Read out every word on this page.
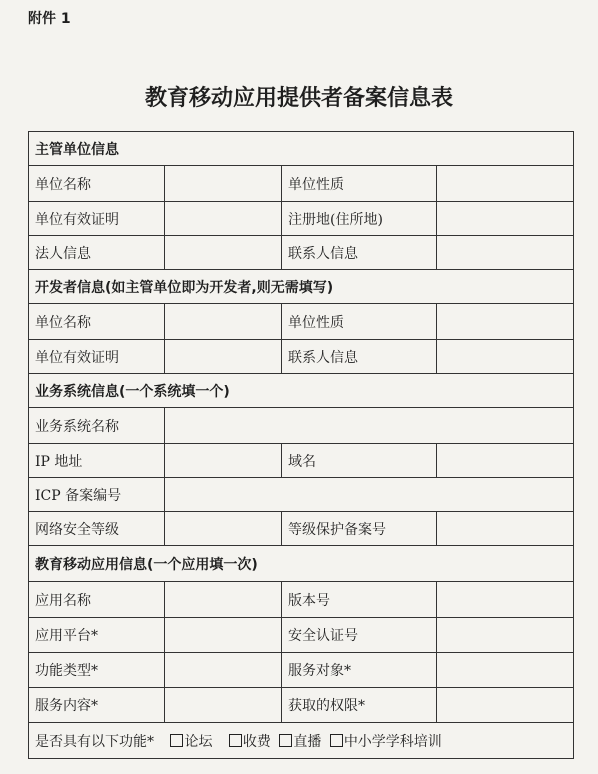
附件 1
教育移动应用提供者备案信息表
主管单位信息			
单位名称		单位性质	
单位有效证明		注册地(住所地)	
法人信息		联系人信息	
开发者信息(如主管单位即为开发者,则无需填写)			
单位名称		单位性质	
单位有效证明		联系人信息	
业务系统信息(一个系统填一个)			
业务系统名称			
IP 地址		域名	
ICP 备案编号			
网络安全等级		等级保护备案号	
教育移动应用信息(一个应用填一次)			
应用名称		版本号	
应用平台*		安全认证号	
功能类型*		服务对象*	
服务内容*		获取的权限*	
是否具有以下功能* 论坛 收费 直播 中小学学科培训			
